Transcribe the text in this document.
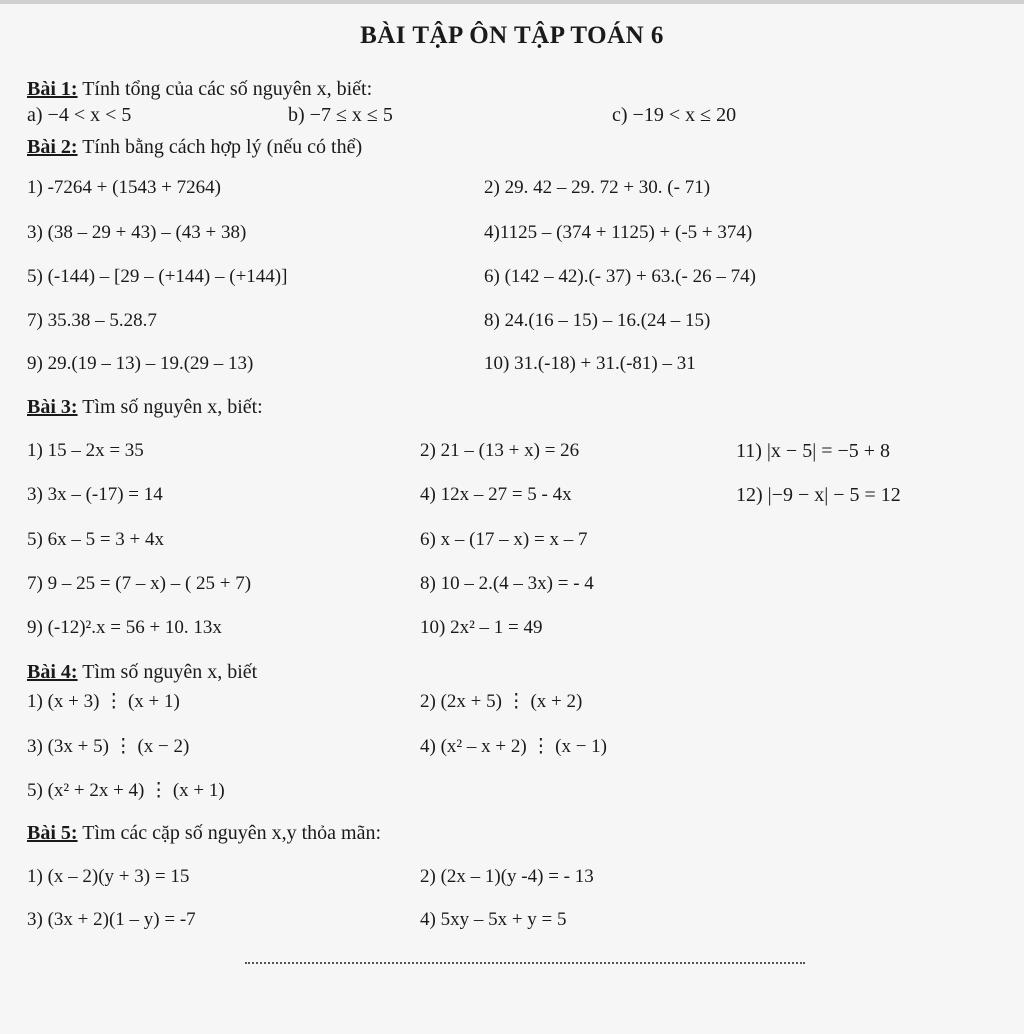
BÀI TẬP ÔN TẬP TOÁN 6
Bài 1: Tính tổng của các số nguyên x, biết:
a) −4 < x < 5	b) −7 ≤ x ≤ 5	c) −19 < x ≤ 20
Bài 2: Tính bằng cách hợp lý (nếu có thể)
1) -7264 + (1543 + 7264)	2) 29. 42 – 29. 72 + 30. (- 71)
3) (38 – 29 + 43) – (43 + 38)	4)1125 – (374 + 1125) + (-5 + 374)
5) (-144) – [29 – (+144) – (+144)]	6) (142 – 42).(- 37) + 63.(- 26 – 74)
7) 35.38 – 5.28.7	8) 24.(16 – 15) – 16.(24 – 15)
9) 29.(19 – 13) – 19.(29 – 13)	10) 31.(-18) + 31.(-81) – 31
Bài 3: Tìm số nguyên x, biết:
1) 15 – 2x = 35	2) 21 – (13 + x) = 26	11) |x − 5| = −5 + 8
3) 3x – (-17) = 14	4) 12x – 27 = 5 - 4x	12) |−9 − x| − 5 = 12
5) 6x – 5 = 3 + 4x	6) x – (17 – x) = x – 7
7) 9 – 25 = (7 – x) – ( 25 + 7)	8) 10 – 2.(4 – 3x) = - 4
9) (-12)².x = 56 + 10. 13x	10) 2x² – 1 = 49
Bài 4: Tìm số nguyên x, biết
1) (x + 3) ⋮ (x + 1)	2) (2x + 5) ⋮ (x + 2)
3) (3x + 5) ⋮ (x − 2)	4) (x² – x + 2) ⋮ (x − 1)
5) (x² + 2x + 4) ⋮ (x + 1)
Bài 5: Tìm các cặp số nguyên x,y thỏa mãn:
1) (x – 2)(y + 3) = 15	2) (2x – 1)(y -4) = - 13
3) (3x + 2)(1 – y) = -7	4) 5xy – 5x + y = 5
